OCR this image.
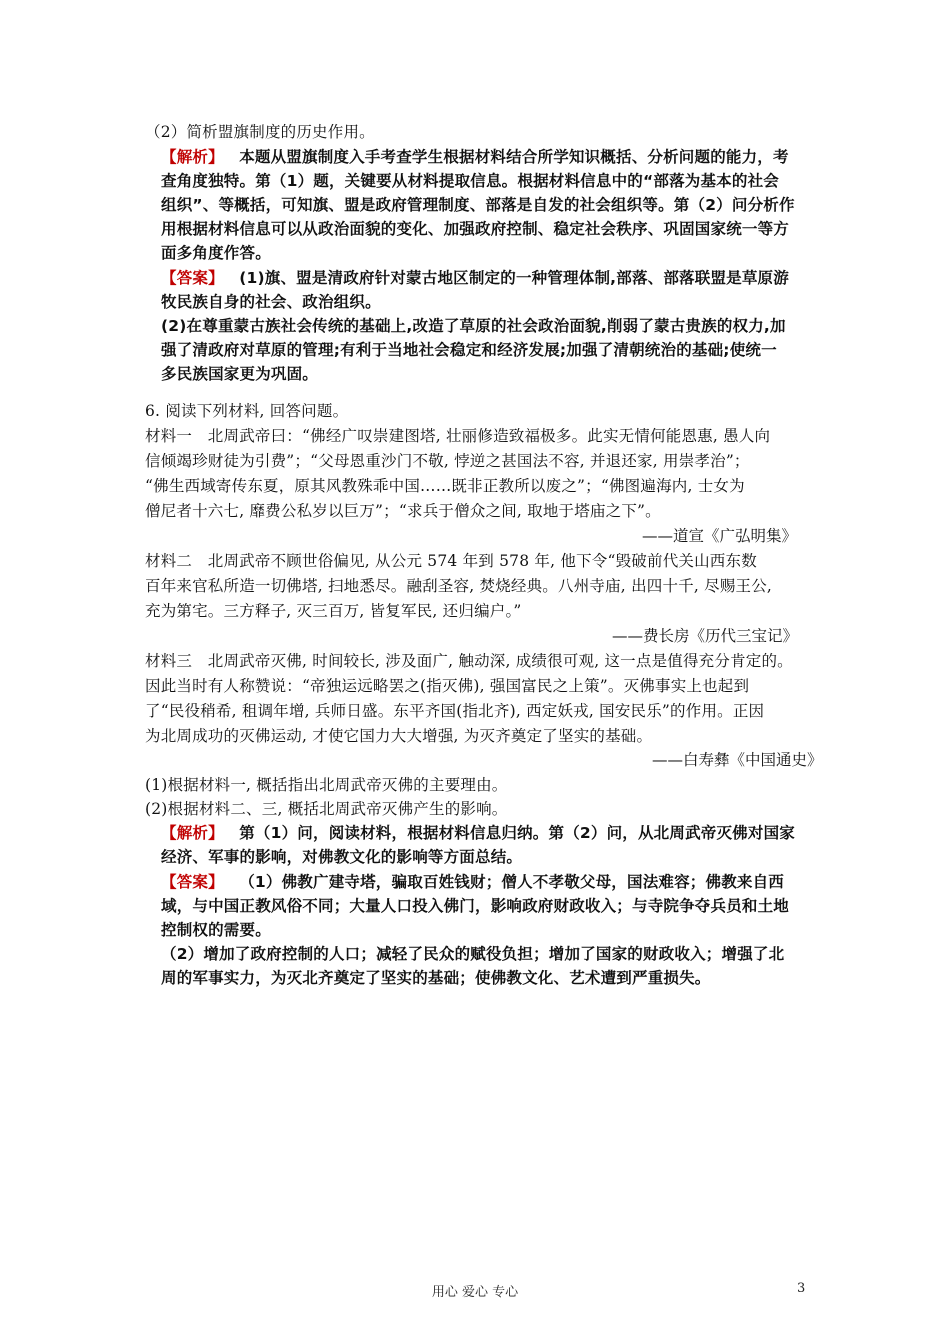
（2）简析盟旗制度的历史作用。
【解析】 本题从盟旗制度入手考查学生根据材料结合所学知识概括、分析问题的能力，考
查角度独特。第（1）题，关键要从材料提取信息。根据材料信息中的“部落为基本的社会
组织”、等概括，可知旗、盟是政府管理制度、部落是自发的社会组织等。第（2）问分析作
用根据材料信息可以从政治面貌的变化、加强政府控制、稳定社会秩序、巩固国家统一等方
面多角度作答。
【答案】 (1)旗、盟是清政府针对蒙古地区制定的一种管理体制,部落、部落联盟是草原游
牧民族自身的社会、政治组织。
(2)在尊重蒙古族社会传统的基础上,改造了草原的社会政治面貌,削弱了蒙古贵族的权力,加
强了清政府对草原的管理;有利于当地社会稳定和经济发展;加强了清朝统治的基础;使统一
多民族国家更为巩固。
6. 阅读下列材料, 回答问题。
材料一　北周武帝曰：“佛经广叹崇建图塔, 壮丽修造致福极多。此实无情何能恩惠, 愚人向
信倾竭珍财徒为引费”；“父母恩重沙门不敬, 悖逆之甚国法不容, 并退还家, 用崇孝治”；
“佛生西域寄传东夏，原其风教殊乖中国……既非正教所以废之”；“佛图遍海内, 士女为
僧尼者十六七, 靡费公私岁以巨万”；“求兵于僧众之间, 取地于塔庙之下”。
——道宣《广弘明集》
材料二　北周武帝不顾世俗偏见, 从公元 574 年到 578 年, 他下令“毁破前代关山西东数
百年来官私所造一切佛塔, 扫地悉尽。融刮圣容, 焚烧经典。八州寺庙, 出四十千, 尽赐王公,
充为第宅。三方释子, 灭三百万, 皆复军民, 还归编户。”
——费长房《历代三宝记》
材料三　北周武帝灭佛, 时间较长, 涉及面广, 触动深, 成绩很可观, 这一点是值得充分肯定的。
因此当时有人称赞说：“帝独运远略罢之(指灭佛), 强国富民之上策”。灭佛事实上也起到
了“民役稍希, 租调年增, 兵师日盛。东平齐国(指北齐), 西定妖戎, 国安民乐”的作用。正因
为北周成功的灭佛运动, 才使它国力大大增强, 为灭齐奠定了坚实的基础。
——白寿彝《中国通史》
(1)根据材料一, 概括指出北周武帝灭佛的主要理由。
(2)根据材料二、三, 概括北周武帝灭佛产生的影响。
【解析】 第（1）问，阅读材料，根据材料信息归纳。第（2）问，从北周武帝灭佛对国家
经济、军事的影响，对佛教文化的影响等方面总结。
【答案】 （1）佛教广建寺塔，骗取百姓钱财；僧人不孝敬父母，国法难容；佛教来自西
域，与中国正教风俗不同；大量人口投入佛门，影响政府财政收入；与寺院争夺兵员和土地
控制权的需要。
（2）增加了政府控制的人口；减轻了民众的赋役负担；增加了国家的财政收入；增强了北
周的军事实力，为灭北齐奠定了坚实的基础；使佛教文化、艺术遭到严重损失。
用心 爱心 专心	3
